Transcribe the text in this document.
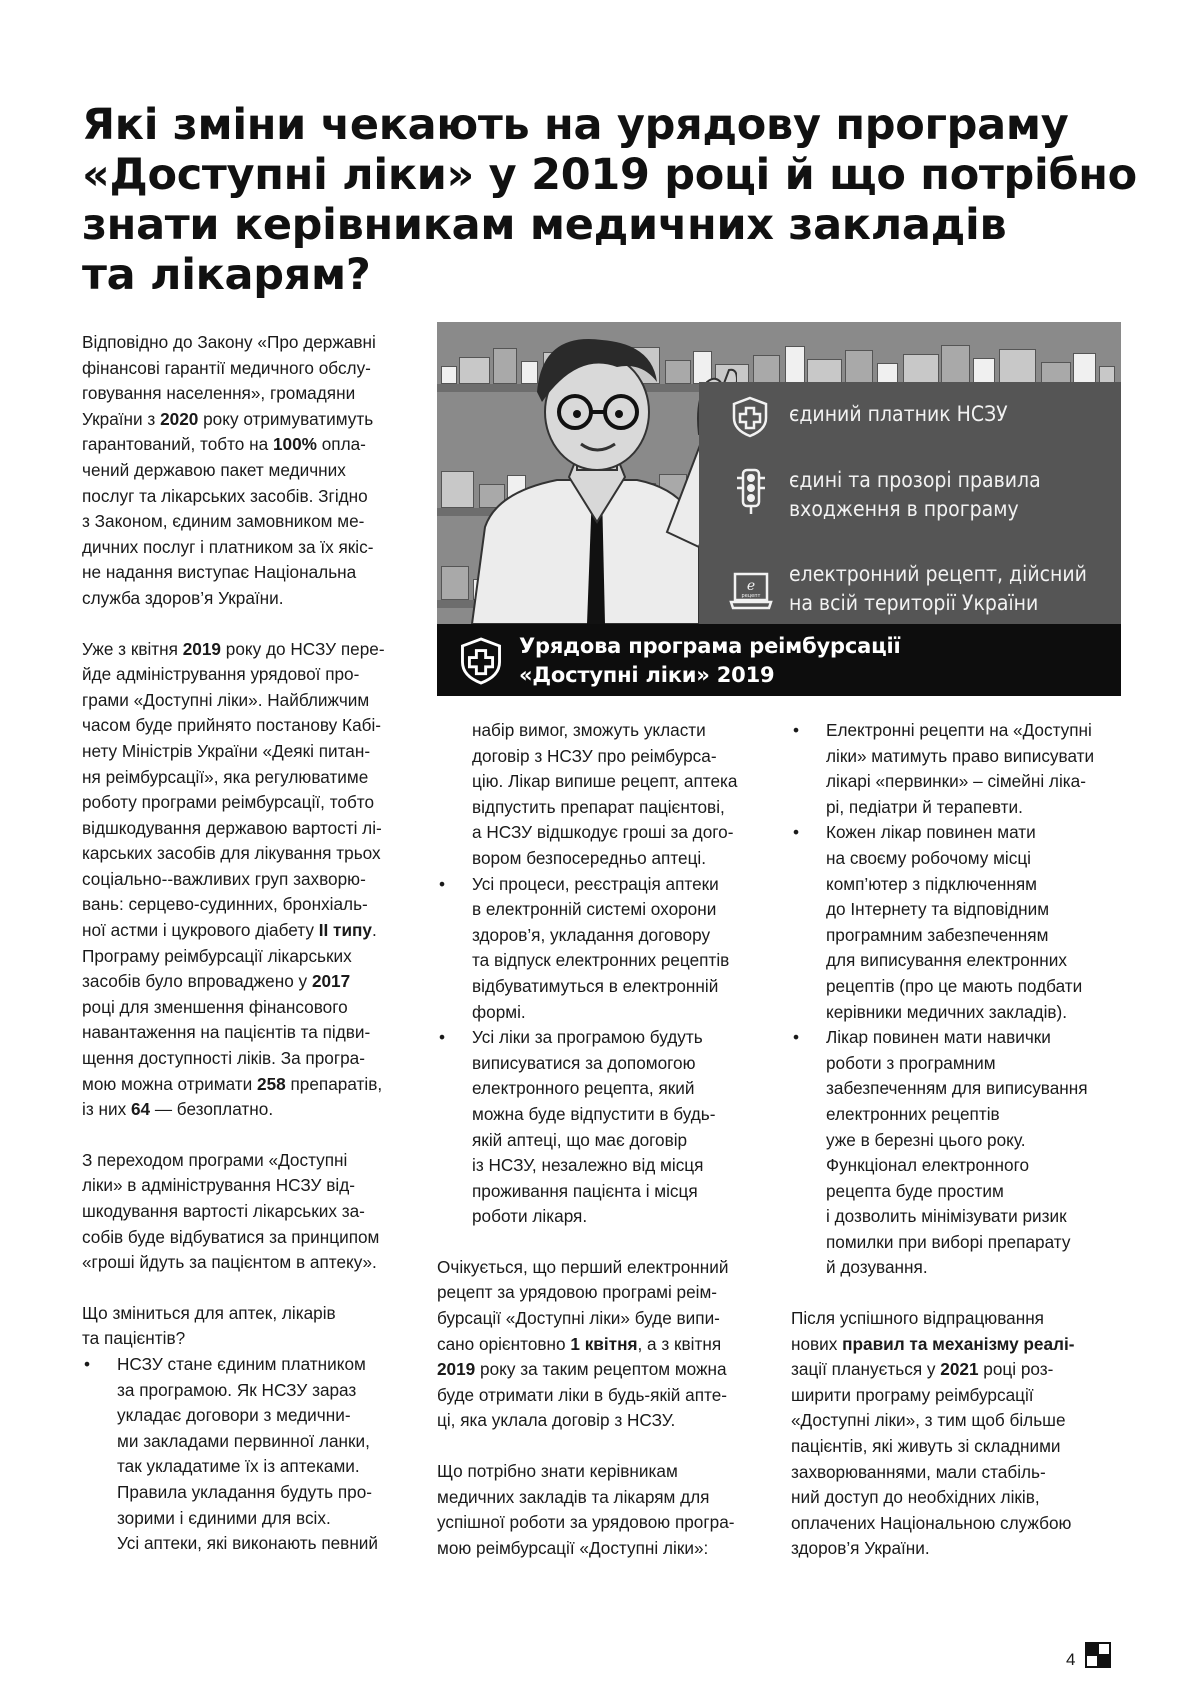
Які зміни чекають на урядову програму
«Доступні ліки» у 2019 році й що потрібно
знати керівникам медичних закладів
та лікарям?

Відповідно до Закону «Про державні
фінансові гарантії медичного обслу-
говування населення», громадяни
України з 2020 року отримуватимуть
гарантований, тобто на 100% опла-
чений державою пакет медичних
послуг та лікарських засобів. Згідно
з Законом, єдиним замовником ме-
дичних послуг і платником за їх якіс-
не надання виступає Національна
служба здоров’я України.

Уже з квітня 2019 року до НСЗУ пере-
йде адміністрування урядової про-
грами «Доступні ліки». Найближчим
часом буде прийнято постанову Кабі-
нету Міністрів України «Деякі питан-
ня реімбурсації», яка регулюватиме
роботу програми реімбурсації, тобто
відшкодування державою вартості лі-
карських засобів для лікування трьох
соціально--важливих груп захворю-
вань: серцево-судинних, бронхіаль-
ної астми і цукрового діабету II типу.
Програму реімбурсації лікарських
засобів було впроваджено у 2017
році для зменшення фінансового
навантаження на пацієнтів та підви-
щення доступності ліків. За програ-
мою можна отримати 258 препаратів,
із них 64 — безоплатно.

З переходом програми «Доступні
ліки» в адміністрування НСЗУ від-
шкодування вартості лікарських за-
собів буде відбуватися за принципом
«гроші йдуть за пацієнтом в аптеку».

Що зміниться для аптек, лікарів
та пацієнтів?

• НСЗУ стане єдиним платником
за програмою. Як НСЗУ зараз
укладає договори з медични-
ми закладами первинної ланки,
так укладатиме їх із аптеками.
Правила укладання будуть про-
зорими і єдиними для всіх.
Усі аптеки, які виконають певний

єдиний платник НСЗУ
єдині та прозорі правила
входження в програму
e
рецепт
електронний рецепт, дійсний
на всій території України
Урядова програма реімбурсації
«Доступні ліки» 2019

набір вимог, зможуть укласти
договір з НСЗУ про реімбурса-
цію. Лікар випише рецепт, аптека
відпустить препарат пацієнтові,
а НСЗУ відшкодує гроші за дого-
вором безпосередньо аптеці.

• Усі процеси, реєстрація аптеки
в електронній системі охорони
здоров’я, укладання договору
та відпуск електронних рецептів
відбуватимуться в електронній
формі.

• Усі ліки за програмою будуть
виписуватися за допомогою
електронного рецепта, який
можна буде відпустити в будь-
якій аптеці, що має договір
із НСЗУ, незалежно від місця
проживання пацієнта і місця
роботи лікаря.

Очікується, що перший електронний
рецепт за урядовою програмі реім-
бурсації «Доступні ліки» буде випи-
сано орієнтовно 1 квітня, а з квітня
2019 року за таким рецептом можна
буде отримати ліки в будь-якій апте-
ці, яка уклала договір з НСЗУ.

Що потрібно знати керівникам
медичних закладів та лікарям для
успішної роботи за урядовою програ-
мою реімбурсації «Доступні ліки»:

• Електронні рецепти на «Доступні
ліки» матимуть право виписувати
лікарі «первинки» – сімейні ліка-
рі, педіатри й терапевти.

• Кожен лікар повинен мати
на своєму робочому місці
комп’ютер з підключенням
до Інтернету та відповідним
програмним забезпеченням
для виписування електронних
рецептів (про це мають подбати
керівники медичних закладів).

• Лікар повинен мати навички
роботи з програмним
забезпеченням для виписування
електронних рецептів
уже в березні цього року.
Функціонал електронного
рецепта буде простим
і дозволить мінімізувати ризик
помилки при виборі препарату
й дозування.

Після успішного відпрацювання
нових правил та механізму реалі-
зації планується у 2021 році роз-
ширити програму реімбурсації
«Доступні ліки», з тим щоб більше
пацієнтів, які живуть зі складними
захворюваннями, мали стабіль-
ний доступ до необхідних ліків,
оплачених Національною службою
здоров’я України.

4
